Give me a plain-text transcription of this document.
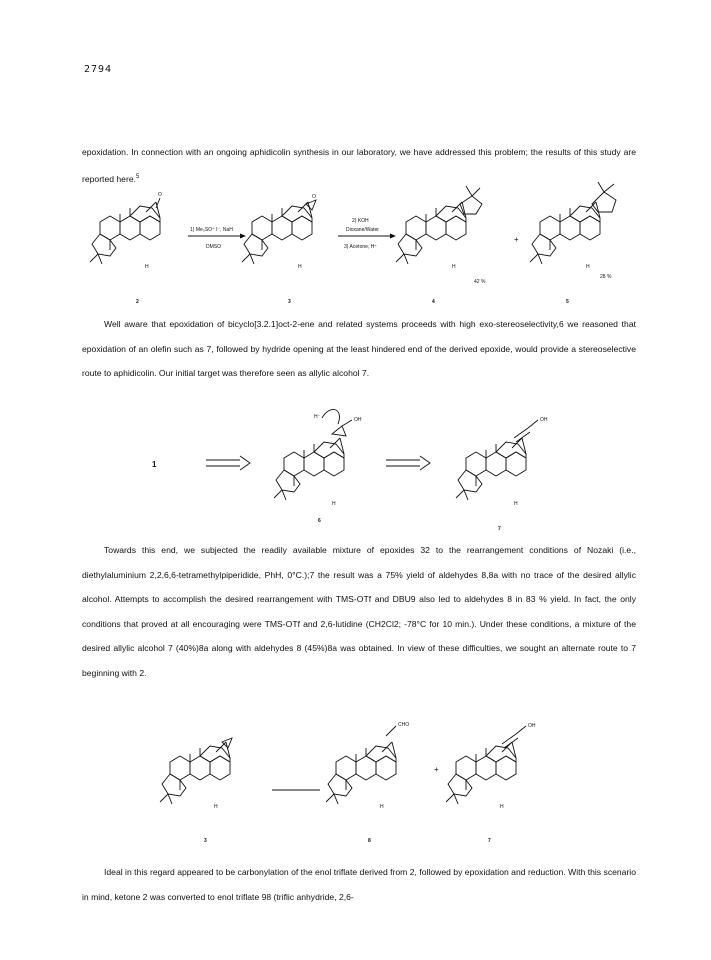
2794
epoxidation. In connection with an ongoing aphidicolin synthesis in our laboratory, we have addressed this problem; the results of this study are reported here.$^5$
O
H
2
1) Me₃SO⁺ I⁻, NaH
DMSO
O
H
3
2) KOH
Dioxane/Water
3) Acetone, H⁺
H
42 %
4
+
H
28 %
5
1
OH
H⁻
H
6
OH
H
7
H
3
CHO
H
8
+
OH
H
7
Well aware that epoxidation of bicyclo[3.2.1]oct-2-ene and related systems proceeds with high exo-stereoselectivity,6 we reasoned that epoxidation of an olefin such as 7, followed by hydride opening at the least hindered end of the derived epoxide, would provide a stereoselective route to aphidicolin. Our initial target was therefore seen as allylic alcohol 7.
Towards this end, we subjected the readily available mixture of epoxides 32 to the rearrangement conditions of Nozaki (i.e., diethylaluminium 2,2,6,6-tetramethylpiperidide, PhH, 0°C.);7 the result was a 75% yield of aldehydes 8,8a with no trace of the desired allylic alcohol. Attempts to accomplish the desired rearrangement with TMS-OTf and DBU9 also led to aldehydes 8 in 83 % yield. In fact, the only conditions that proved at all encouraging were TMS-OTf and 2,6-lutidine (CH2Cl2; -78°C for 10 min.). Under these conditions, a mixture of the desired allylic alcohol 7 (40%)8a along with aldehydes 8 (45%)8a was obtained. In view of these difficulties, we sought an alternate route to 7 beginning with 2.
Ideal in this regard appeared to be carbonylation of the enol triflate derived from 2, followed by epoxidation and reduction. With this scenario in mind, ketone 2 was converted to enol triflate 98 (triflic anhydride, 2,6-
